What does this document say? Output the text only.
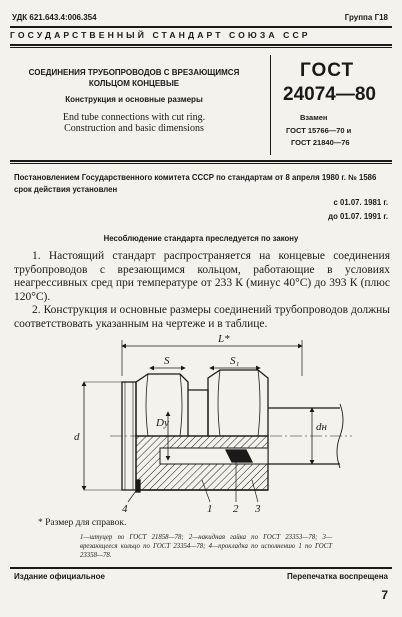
УДК 621.643.4:006.354	Группа Г18
ГОСУДАРСТВЕННЫЙ СТАНДАРТ СОЮЗА ССР
СОЕДИНЕНИЯ ТРУБОПРОВОДОВ С ВРЕЗАЮЩИМСЯ
КОЛЬЦОМ КОНЦЕВЫЕ
Конструкция и основные размеры
End tube connections with cut ring.
Construction and basic dimensions
ГОСТ
24074—80
Взамен
ГОСТ 15766—70 и
ГОСТ 21840—76
Постановлением Государственного комитета СССР по стандартам от 8 апреля 1980 г. № 1586 срок действия установлен
с 01.07. 1981 г.
до 01.07. 1991 г.
Несоблюдение стандарта преследуется по закону
1. Настоящий стандарт распространяется на концевые соединения трубопроводов с врезающимся кольцом, работающие в условиях неагрессивных сред при температуре от 233 К (минус 40°С) до 393 К (плюс 120°С).
2. Конструкция и основные размеры соединений трубопроводов должны соответствовать указанным на чертеже и в таблице.
L*
S	S₁
d
Dу	dн
4	1 2 3
* Размер для справок.
1—штуцер по ГОСТ 21858—78; 2—накидная гайка по ГОСТ 23353—78; 3—врезающееся кольцо по ГОСТ 23354—78; 4—прокладка по исполнению 1 по ГОСТ 23358—78.
Издание официальное	Перепечатка воспрещена
7
